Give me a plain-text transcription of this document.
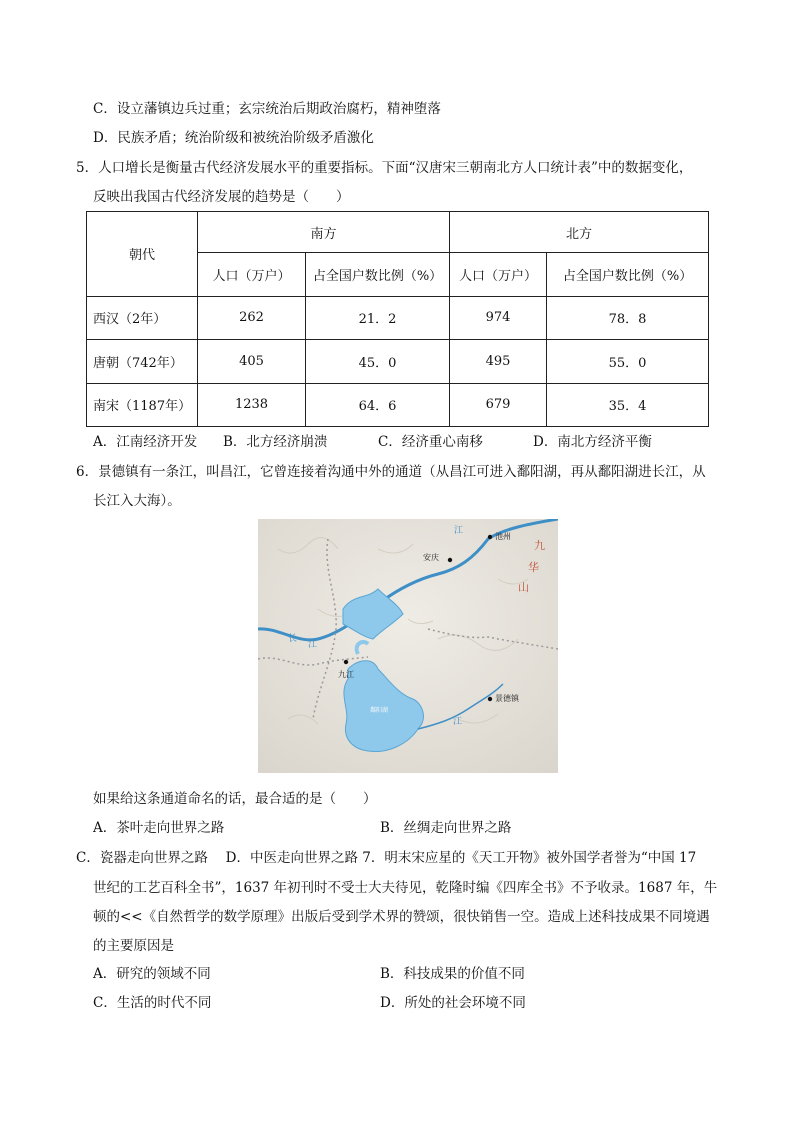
C．设立藩镇边兵过重；玄宗统治后期政治腐朽，精神堕落
D．民族矛盾；统治阶级和被统治阶级矛盾激化
5．人口增长是衡量古代经济发展水平的重要指标。下面“汉唐宋三朝南北方人口统计表”中的数据变化，
反映出我国古代经济发展的趋势是（　　）
朝代	南方		北方	
	人口（万户）	占全国户数比例（%）	人口（万户）	占全国户数比例（%）
西汉（2年）	262	21．2	974	78．8
唐朝（742年）	405	45．0	495	55．0
南宋（1187年）	1238	64．6	679	35．4
A．江南经济开发 B．北方经济崩溃	C．经济重心南移	D．南北方经济平衡
6．景德镇有一条江，叫昌江，它曾连接着沟通中外的通道（从昌江可进入鄱阳湖，再从鄱阳湖进长江，从
长江入大海）。
池州
安庆
九江
景德镇
鄱阳湖
九
华
山
江
长
江
江
如果给这条通道命名的话，最合适的是（　　）
A．茶叶走向世界之路	B．丝绸走向世界之路
C．瓷器走向世界之路　 D．中医走向世界之路 7．明末宋应星的《天工开物》被外国学者誉为“中国 17
世纪的工艺百科全书”，1637 年初刊时不受士大夫待见，乾隆时编《四库全书》不予收录。1687 年，牛
顿的<<《自然哲学的数学原理》出版后受到学术界的赞颂，很快销售一空。造成上述科技成果不同境遇
的主要原因是
A．研究的领域不同	B．科技成果的价值不同
C．生活的时代不同	D．所处的社会环境不同
